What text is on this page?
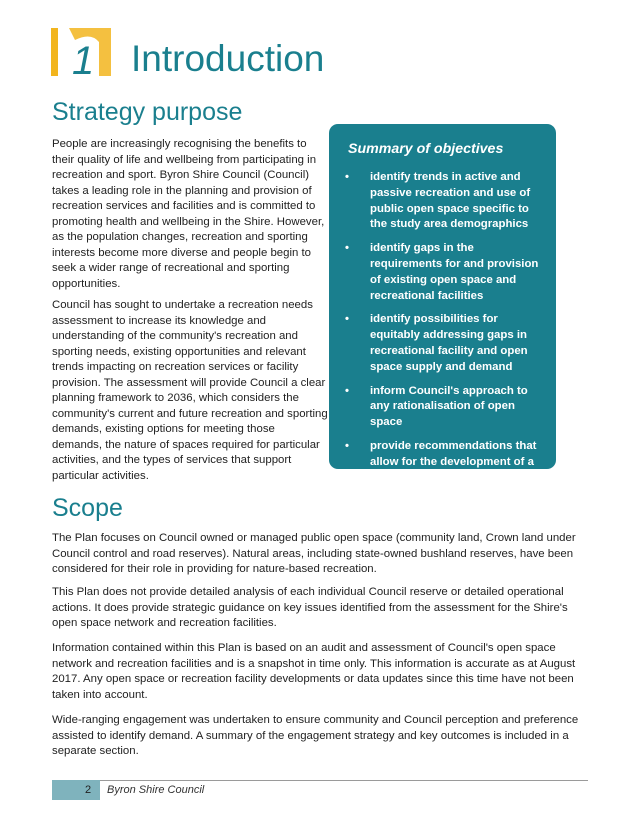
1 Introduction
Strategy purpose

People are increasingly recognising the benefits to their quality of life and wellbeing from participating in recreation and sport. Byron Shire Council (Council) takes a leading role in the planning and provision of recreation services and facilities and is committed to promoting health and wellbeing in the Shire. However, as the population changes, recreation and sporting interests become more diverse and people begin to seek a wider range of recreational and sporting opportunities.

Council has sought to undertake a recreation needs assessment to increase its knowledge and understanding of the community's recreation and sporting needs, existing opportunities and relevant trends impacting on recreation services or facility provision. The assessment will provide Council a clear planning framework to 2036, which considers the community's current and future recreation and sporting demands, existing options for meeting those demands, the nature of spaces required for particular activities, and the types of services that support particular activities.

Summary of objectives
• identify trends in active and passive recreation and use of public open space specific to the study area demographics
• identify gaps in the requirements for and provision of existing open space and recreational facilities
• identify possibilities for equitably addressing gaps in recreational facility and open space supply and demand
• inform Council's approach to any rationalisation of open space
• provide recommendations that allow for the development of a clear policy framework
Scope

The Plan focuses on Council owned or managed public open space (community land, Crown land under Council control and road reserves). Natural areas, including state-owned bushland reserves, have been considered for their role in providing for nature-based recreation.

This Plan does not provide detailed analysis of each individual Council reserve or detailed operational actions. It does provide strategic guidance on key issues identified from the assessment for the Shire's open space network and recreation facilities.

Information contained within this Plan is based on an audit and assessment of Council's open space network and recreation facilities and is a snapshot in time only. This information is accurate as at August 2017. Any open space or recreation facility developments or data updates since this time have not been taken into account.

Wide-ranging engagement was undertaken to ensure community and Council perception and preference assisted to identify demand. A summary of the engagement strategy and key outcomes is included in a separate section.

2 Byron Shire Council
